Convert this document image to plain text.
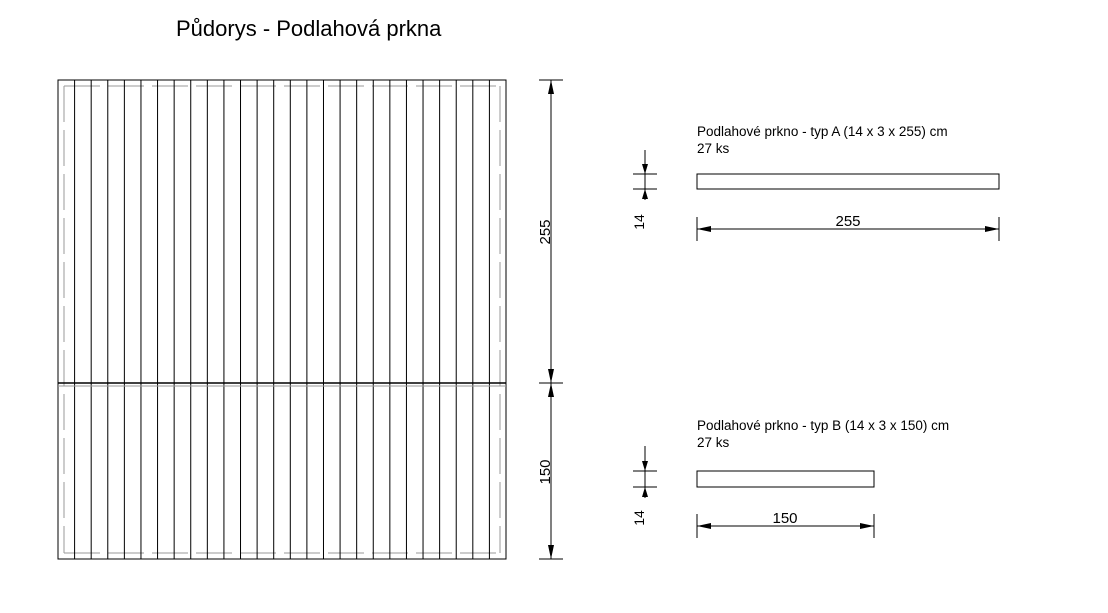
Půdorys - Podlahová prkna
255
150
Podlahové prkno - typ A (14 x 3 x 255) cm
27 ks
14	255
Podlahové prkno - typ B (14 x 3 x 150) cm
27 ks
14	150
